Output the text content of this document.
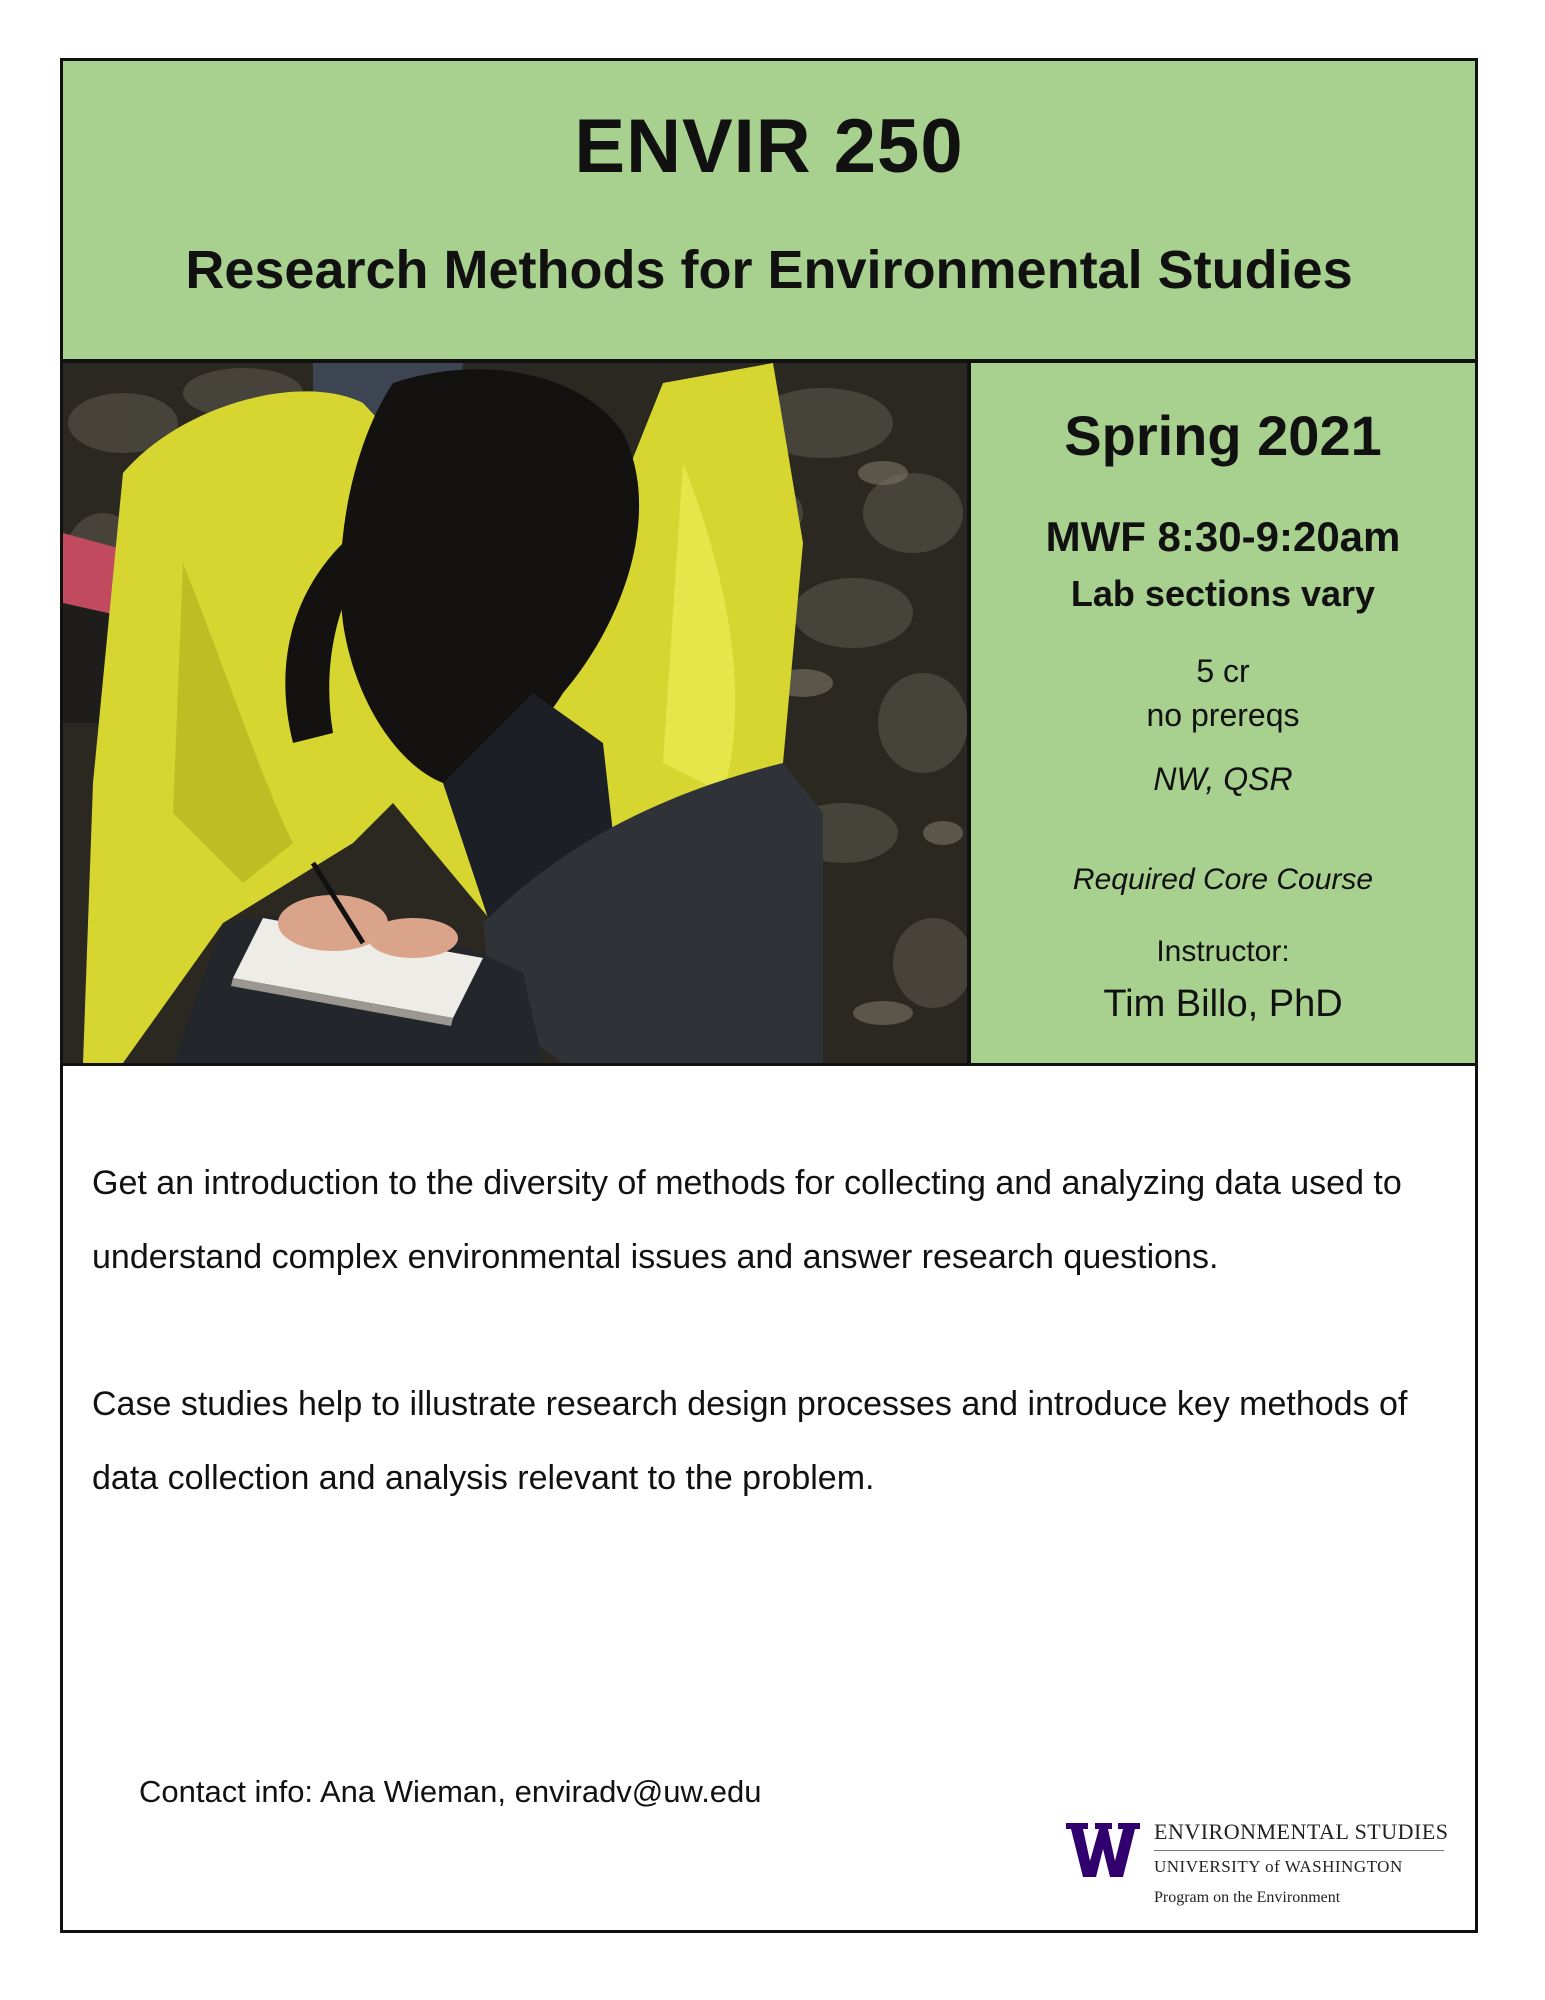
ENVIR 250
Research Methods for Environmental Studies
Spring 2021
MWF 8:30-9:20am
Lab sections vary
5 cr
no prereqs
NW, QSR
Required Core Course
Instructor:
Tim Billo, PhD
Get an introduction to the diversity of methods for collecting and analyzing data used to understand complex environmental issues and answer research questions.
Case studies help to illustrate research design processes and introduce key methods of data collection and analysis relevant to the problem.
Contact info: Ana Wieman, enviradv@uw.edu
ENVIRONMENTAL STUDIES
UNIVERSITY of WASHINGTON
Program on the Environment
